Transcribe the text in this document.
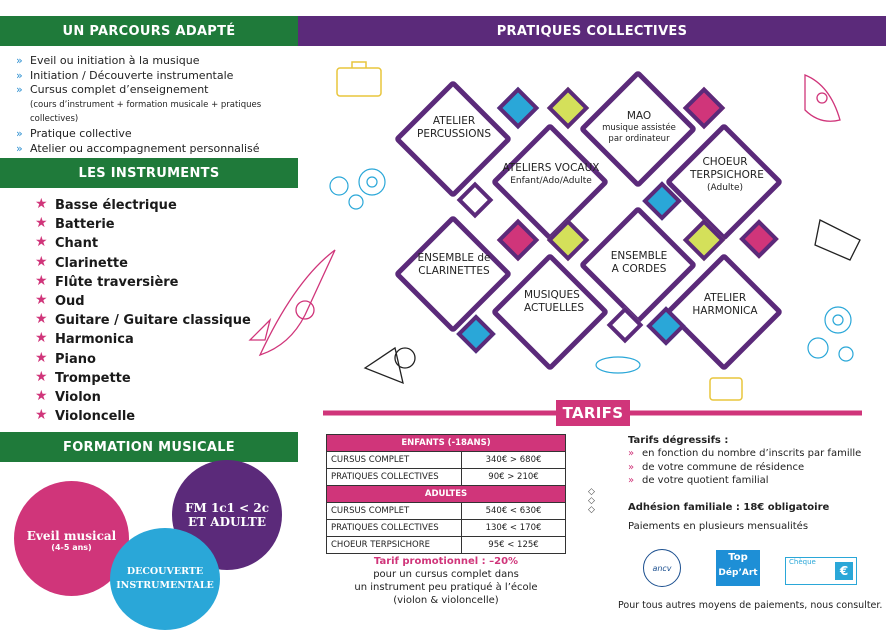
UN PARCOURS ADAPTÉ
» Eveil ou initiation à la musique
» Initiation / Découverte instrumentale
» Cursus complet d’enseignement
(cours d’instrument + formation musicale + pratiques collectives)
» Pratique collective
» Atelier ou accompagnement personnalisé
LES INSTRUMENTS
★ Basse électrique
★ Batterie
★ Chant
★ Clarinette
★ Flûte traversière
★ Oud
★ Guitare / Guitare classique
★ Harmonica
★ Piano
★ Trompette
★ Violon
★ Violoncelle
FORMATION MUSICALE
FM 1c1 < 2c
ET ADULTE
Eveil musical
(4-5 ans)
DECOUVERTE INSTRUMENTALE
PRATIQUES COLLECTIVES
ATELIER PERCUSSIONS
ATELIERS VOCAUX
Enfant/Ado/Adulte
MAO
musique assistée par ordinateur
CHOEUR TERPSICHORE
(Adulte)
ENSEMBLE de CLARINETTES
MUSIQUES ACTUELLES
ENSEMBLE A CORDES
ATELIER HARMONICA
TARIFS
ENFANTS (-18ANS)	
CURSUS COMPLET	340€ > 680€
PRATIQUES COLLECTIVES	90€ > 210€
ADULTES	
CURSUS COMPLET	540€ < 630€
PRATIQUES COLLECTIVES	130€ < 170€
CHOEUR TERPSICHORE	95€ < 125€
◇
◇
◇
Tarif promotionnel : –20%
pour un cursus complet dans
un instrument peu pratiqué à l’école
(violon & violoncelle)
Tarifs dégressifs :
» en fonction du nombre d’inscrits par famille
» de votre commune de résidence
» de votre quotient familial
Adhésion familiale : 18€ obligatoire
Paiements en plusieurs mensualités
ancv
Top
Dép’Art
Chèque
€
Pour tous autres moyens de paiements, nous consulter.
